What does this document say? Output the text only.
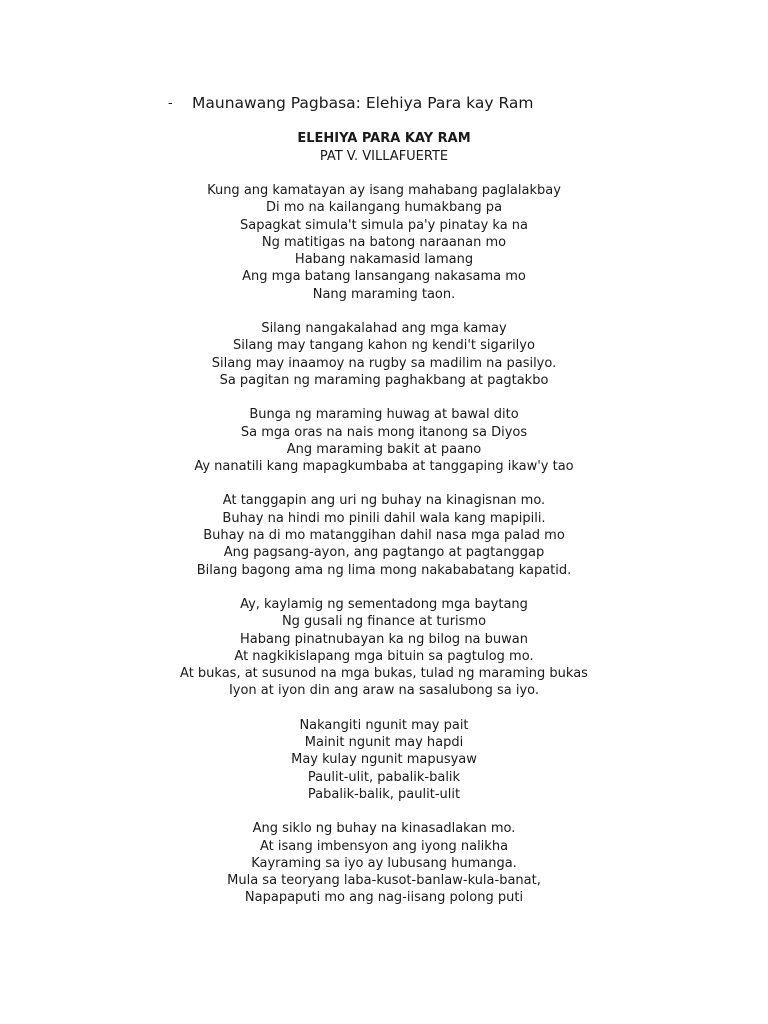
- Maunawang Pagbasa: Elehiya Para kay Ram
ELEHIYA PARA KAY RAM
PAT V. VILLAFUERTE
Kung ang kamatayan ay isang mahabang paglalakbay
Di mo na kailangang humakbang pa
Sapagkat simula't simula pa'y pinatay ka na
Ng matitigas na batong naraanan mo
Habang nakamasid lamang
Ang mga batang lansangang nakasama mo
Nang maraming taon.
Silang nangakalahad ang mga kamay
Silang may tangang kahon ng kendi't sigarilyo
Silang may inaamoy na rugby sa madilim na pasilyo.
Sa pagitan ng maraming paghakbang at pagtakbo
Bunga ng maraming huwag at bawal dito
Sa mga oras na nais mong itanong sa Diyos
Ang maraming bakit at paano
Ay nanatili kang mapagkumbaba at tanggaping ikaw'y tao
At tanggapin ang uri ng buhay na kinagisnan mo.
Buhay na hindi mo pinili dahil wala kang mapipili.
Buhay na di mo matanggihan dahil nasa mga palad mo
Ang pagsang-ayon, ang pagtango at pagtanggap
Bilang bagong ama ng lima mong nakababatang kapatid.
Ay, kaylamig ng sementadong mga baytang
Ng gusali ng finance at turismo
Habang pinatnubayan ka ng bilog na buwan
At nagkikislapang mga bituin sa pagtulog mo.
At bukas, at susunod na mga bukas, tulad ng maraming bukas
Iyon at iyon din ang araw na sasalubong sa iyo.
Nakangiti ngunit may pait
Mainit ngunit may hapdi
May kulay ngunit mapusyaw
Paulit-ulit, pabalik-balik
Pabalik-balik, paulit-ulit
Ang siklo ng buhay na kinasadlakan mo.
At isang imbensyon ang iyong nalikha
Kayraming sa iyo ay lubusang humanga.
Mula sa teoryang laba-kusot-banlaw-kula-banat,
Napapaputi mo ang nag-iisang polong puti
